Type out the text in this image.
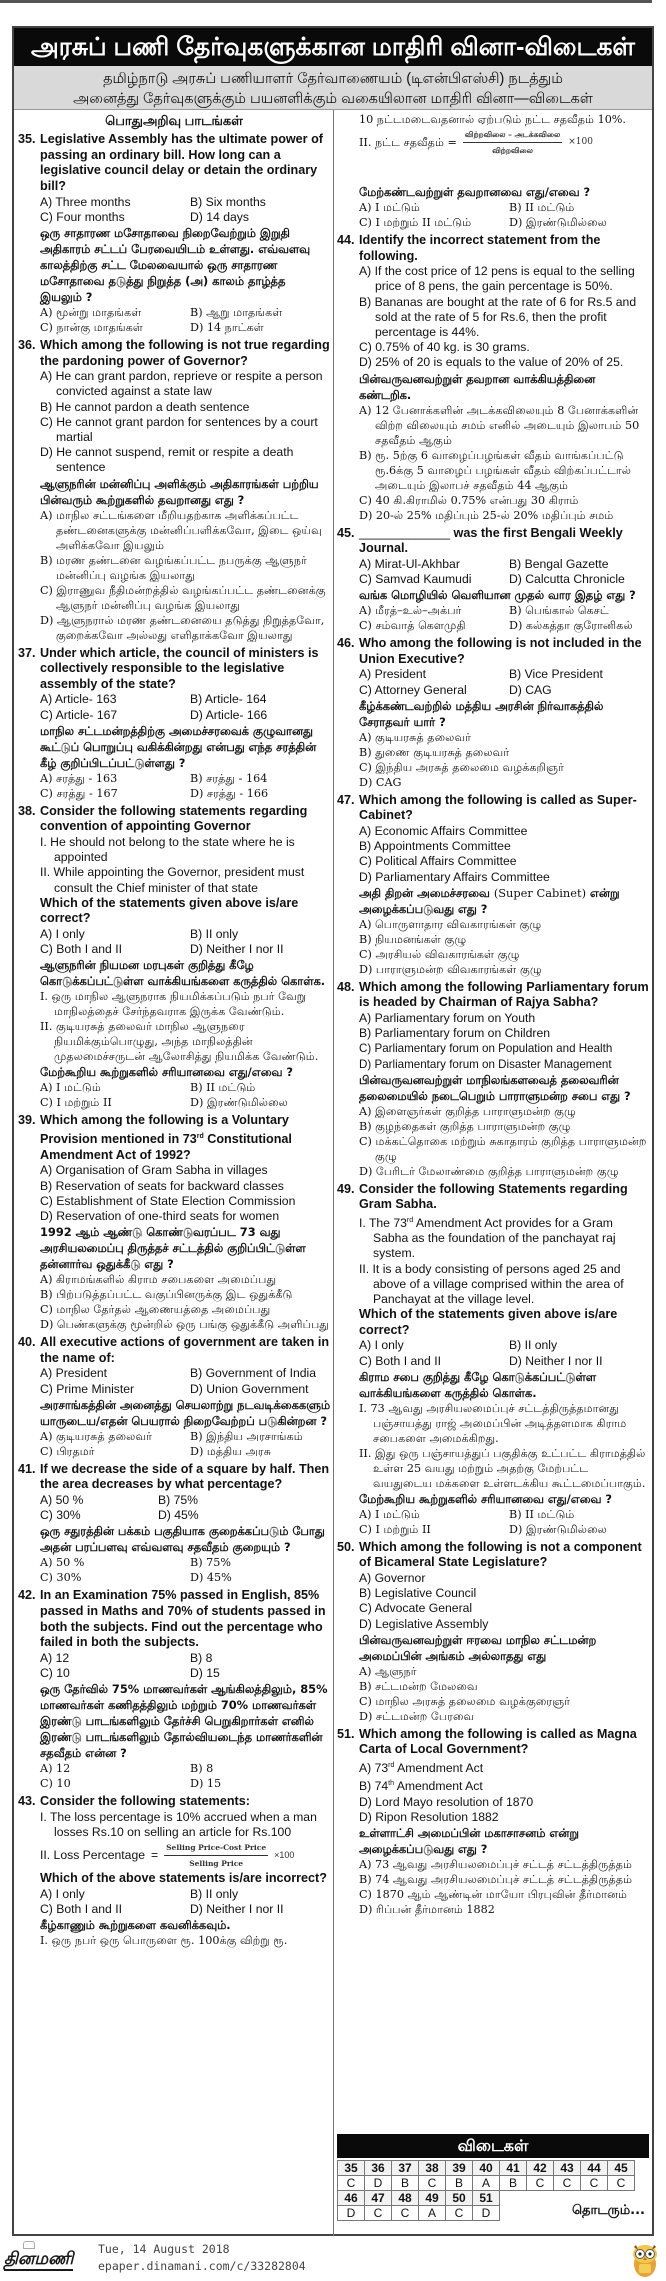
அரசுப் பணி தேர்வுகளுக்கான மாதிரி வினா-விடைகள்
தமிழ்நாடு அரசுப் பணியாளர் தேர்வாணையம் (டிஎன்பிஎஸ்சி) நடத்தும்
அனைத்து தேர்வுகளுக்கும் பயனளிக்கும் வகையிலான மாதிரி வினா—விடைகள்
பொதுஅறிவு பாடங்கள்
35. Legislative Assembly has the ultimate power of passing an ordinary bill. How long can a legislative council delay or detain the ordinary bill?
A) Three months	B) Six months
C) Four months	D) 14 days
ஒரு சாதாரண மசோதாவை நிறைவேற்றும் இறுதி அதிகாரம் சட்டப் பேரவையிடம் உள்ளது. எவ்வளவு காலத்திற்கு சட்ட மேலவையால் ஒரு சாதாரண மசோதாவை தடுத்து நிறுத்த (அ) காலம் தாழ்த்த இயலும் ?
A) மூன்று மாதங்கள்	B) ஆறு மாதங்கள்
C) நான்கு மாதங்கள்	D) 14 நாட்கள்
36. Which among the following is not true regarding the pardoning power of Governor?
A) He can grant pardon, reprieve or respite a person convicted against a state law
B) He cannot pardon a death sentence
C) He cannot grant pardon for sentences by a court martial
D) He cannot suspend, remit or respite a death sentence
ஆளுநரின் மன்னிப்பு அளிக்கும் அதிகாரங்கள் பற்றிய பின்வரும் கூற்றுகளில் தவறானது எது ?
A) மாநில சட்டங்களை மீறியதற்காக அளிக்கப்பட்ட தண்டனைகளுக்கு மன்னிப்பளிக்கவோ, இடை ஒய்வு அளிக்கவோ இயலும்
B) மரண தண்டனை வழங்கப்பட்ட நபருக்கு ஆளுநர் மன்னிப்பு வழங்க இயலாது
C) இராணுவ நீதிமன்றத்தில் வழங்கப்பட்ட தண்டனைக்கு ஆளுநர் மன்னிப்பு வழங்க இயலாது
D) ஆளுநரால் மரண தண்டனையை தடுத்து நிறுத்தவோ, குறைக்கவோ அல்லது எளிதாக்கவோ இயலாது
37. Under which article, the council of ministers is collectively responsible to the legislative assembly of the state?
A) Article- 163	B) Article- 164
C) Article- 167	D) Article- 166
மாநில சட்டமன்றத்திற்கு அமைச்சரவைக் குழுவானது கூட்டுப் பொறுப்பு வகிக்கின்றது என்பது எந்த சரத்தின் கீழ் குறிப்பிடப்பட்டுள்ளது ?
A) சரத்து - 163	B) சரத்து - 164
C) சரத்து - 167	D) சரத்து - 166
38. Consider the following statements regarding convention of appointing Governor
I. He should not belong to the state where he is appointed
II. While appointing the Governor, president must consult the Chief minister of that state
Which of the statements given above is/are correct?
A) I only	B) II only
C) Both I and II	D) Neither I nor II
ஆளுநரின் நியமன மரபுகள் குறித்து கீழே கொடுக்கப்பட்டுள்ள வாக்கியங்களை கருத்தில் கொள்க.
I. ஒரு மாநில ஆளுநராக நியமிக்கப்படும் நபர் வேறு மாநிலத்தைச் சேர்ந்தவராக இருக்க வேண்டும்.
II. குடியரசுத் தலைவர் மாநில ஆளுநரை நியமிக்கும்பொழுது, அந்த மாநிலத்தின் முதலமைச்சருடன் ஆலோசித்து நியமிக்க வேண்டும்.
மேற்கூறிய கூற்றுகளில் சரியானவை எது/எவை ?
A) I மட்டும்	B) II மட்டும்
C) I மற்றும் II	D) இரண்டுமில்லை
39. Which among the following is a Voluntary Provision mentioned in 73rd Constitutional Amendment Act of 1992?
A) Organisation of Gram Sabha in villages
B) Reservation of seats for backward classes
C) Establishment of State Election Commission
D) Reservation of one-third seats for women
1992 ஆம் ஆண்டு கொண்டுவரப்பட 73 வது அரசியலமைப்பு திருத்தச் சட்டத்தில் குறிப்பிட்டுள்ள தன்னார்வ ஒதுக்கீடு எது ?
A) கிராமங்களில் கிராம சபைகளை அமைப்பது
B) பிற்படுத்தப்பட்ட வகுப்பினருக்கு இட ஒதுக்கீடு
C) மாநில தேர்தல் ஆணையத்தை அமைப்பது
D) பெண்களுக்கு மூன்றில் ஒரு பங்கு ஒதுக்கீடு அளிப்பது
40. All executive actions of government are taken in the name of:
A) President	B) Government of India
C) Prime Minister	D) Union Government
அரசாங்கத்தின் அனைத்து செயலாற்று நடவடிக்கைகளும் யாருடைய/எதன் பெயரால் நிறைவேற்றப் படுகின்றன ?
A) குடியரசுத் தலைவர்	B) இந்திய அரசாங்கம்
C) பிரதமர்	D) மத்திய அரசு
41. If we decrease the side of a square by half. Then the area decreases by what percentage?
A) 50 %	B) 75%
C) 30%	D) 45%
ஒரு சதுரத்தின் பக்கம் பகுதியாக குறைக்கப்படும் போது அதன் பரப்பளவு எவ்வளவு சதவீதம் குறையும் ?
A) 50 %	B) 75%
C) 30%	D) 45%
42. In an Examination 75% passed in English, 85% passed in Maths and 70% of students passed in both the subjects. Find out the percentage who failed in both the subjects.
A) 12	B) 8
C) 10	D) 15
ஒரு தேர்வில் 75% மாணவர்கள் ஆங்கிலத்திலும், 85% மாணவர்கள் கணிதத்திலும் மற்றும் 70% மாணவர்கள் இரண்டு பாடங்களிலும் தேர்ச்சி பெறுகிறார்கள் எனில் இரண்டு பாடங்களிலும் தோல்வியடைந்த மாணர்களின் சதவீதம் என்ன ?
A) 12	B) 8
C) 10	D) 15
43. Consider the following statements:
I. The loss percentage is 10% accrued when a man losses Rs.10 on selling an article for Rs.100
II. Loss Percentage = $\frac{\text{Selling Price-Cost Price}}{\text{Selling Price}} \times 100$
Which of the above statements is/are incorrect?
A) I only	B) II only
C) Both I and II	D) Neither I nor II
கீழ்காணும் கூற்றுகளை கவனிக்கவும்.
I. ஒரு நபர் ஒரு பொருளை ரூ. 100க்கு விற்று ரூ.
10 நட்டமடைவதனால் ஏற்படும் நட்ட சதவீதம் 10%.
II. நட்ட சதவீதம் = $\frac{\text{விற்றவிலை – அடக்கவிலை}}{\text{விற்றவிலை}} \times 100$
மேற்கண்டவற்றுள் தவறானவை எது/எவை ?
A) I மட்டும்	B) II மட்டும்
C) I மற்றும் II மட்டும்	D) இரண்டுமில்லை
44. Identify the incorrect statement from the following.
A) If the cost price of 12 pens is equal to the selling price of 8 pens, the gain percentage is 50%.
B) Bananas are bought at the rate of 6 for Rs.5 and sold at the rate of 5 for Rs.6, then the profit percentage is 44%.
C) 0.75% of 40 kg. is 30 grams.
D) 25% of 20 is equals to the value of 20% of 25.
பின்வருவனவற்றுள் தவறான வாக்கியத்தினை கண்டறிக.
A) 12 பேனாக்களின் அடக்கவிலையும் 8 பேனாக்களின் விற்ற விலையும் சமம் எனில் அடையும் இலாபம் 50 சதவீதம் ஆகும்
B) ரூ. 5ற்கு 6 வாழைப்பழங்கள் வீதம் வாங்கப்பட்டு ரூ.6க்கு 5 வாழைப் பழங்கள் வீதம் விற்கப்பட்டால் அடையும் இலாபச் சதவீதம் 44 ஆகும்
C) 40 கி.கிராமில் 0.75% என்பது 30 கிராம்
D) 20-ல் 25% மதிப்பும் 25-ல் 20% மதிப்பும் சமம்
45. _____________ was the first Bengali Weekly Journal.
A) Mirat-Ul-Akhbar	B) Bengal Gazette
C) Samvad Kaumudi	D) Calcutta Chronicle
வங்க மொழியில் வெளியான முதல் வார இதழ் எது ?
A) மீரத்–உல்–அக்பர்	B) பெங்கால் கெசட்
C) சம்வாத் கௌமுதி	D) கல்கத்தா குரோனிகல்
46. Who among the following is not included in the Union Executive?
A) President	B) Vice President
C) Attorney General	D) CAG
கீழ்க்கண்டவற்றில் மத்திய அரசின் நிர்வாகத்தில் சேராதவர் யார் ?
A) குடியரசுத் தலைவர்
B) துணை குடியரசுத் தலைவர்
C) இந்திய அரசுத் தலைமை வழக்கறிஞர்
D) CAG
47. Which among the following is called as Super-Cabinet?
A) Economic Affairs Committee
B) Appointments Committee
C) Political Affairs Committee
D) Parliamentary Affairs Committee
அதி திறன் அமைச்சரவை (Super Cabinet) என்று அழைக்கப்படுவது எது ?
A) பொருளாதார விவகாரங்கள் குழு
B) நியமனங்கள் குழு
C) அரசியல் விவகாரங்கள் குழு
D) பாராளுமன்ற விவகாரங்கள் குழு
48. Which among the following Parliamentary forum is headed by Chairman of Rajya Sabha?
A) Parliamentary forum on Youth
B) Parliamentary forum on Children
C) Parliamentary forum on Population and Health
D) Parliamentary forum on Disaster Management
பின்வருவனவற்றுள் மாநிலங்களவைத் தலைவரின் தலைமையில் நடைபெறும் பாராளுமன்ற சபை எது ?
A) இளைஞர்கள் குறித்த பாராளுமன்ற குழு
B) குழந்தைகள் குறித்த பாராளுமன்ற குழு
C) மக்கட்தொகை மற்றும் சுகாதாரம் குறித்த பாராளுமன்ற குழு
D) பேரிடர் மேலாண்மை குறித்த பாராளுமன்ற குழு
49. Consider the following Statements regarding Gram Sabha.
I. The 73rd Amendment Act provides for a Gram Sabha as the foundation of the panchayat raj system.
II. It is a body consisting of persons aged 25 and above of a village comprised within the area of Panchayat at the village level.
Which of the statements given above is/are correct?
A) I only	B) II only
C) Both I and II	D) Neither I nor II
கிராம சபை குறித்து கீழே கொடுக்கப்பட்டுள்ள வாக்கியங்களை கருத்தில் கொள்க.
I. 73 ஆவது அரசியலமைப்புச் சட்டத்திருத்தமானது பஞ்சாயத்து ராஜ் அமைப்பின் அடித்தளமாக கிராம சபைகளை அமைக்கிறது.
II. இது ஒரு பஞ்சாயத்துப் பகுதிக்கு உட்பட்ட கிராமத்தில் உள்ள 25 வயது மற்றும் அதற்கு மேற்பட்ட வயதுடைய மக்களை உள்ளடக்கிய கூட்டமைப்பாகும்.
மேற்கூறிய கூற்றுகளில் சரியானவை எது/எவை ?
A) I மட்டும்	B) II மட்டும்
C) I மற்றும் II	D) இரண்டுமில்லை
50. Which among the following is not a component of Bicameral State Legislature?
A) Governor
B) Legislative Council
C) Advocate General
D) Legislative Assembly
பின்வருவனவற்றுள் ஈரவை மாநில சட்டமன்ற அமைப்பின் அங்கம் அல்லாதது எது
A) ஆளுநர்
B) சட்டமன்ற மேலவை
C) மாநில அரசுத் தலைமை வழக்குரைஞர்
D) சட்டமன்ற பேரவை
51. Which among the following is called as Magna Carta of Local Government?
A) 73rd Amendment Act
B) 74th Amendment Act
D) Lord Mayo resolution of 1870
D) Ripon Resolution 1882
உள்ளாட்சி அமைப்பின் மகாசாசனம் என்று அழைக்கப்படுவது எது ?
A) 73 ஆவது அரசியலமைப்புச் சட்டத் சட்டத்திருத்தம்
B) 74 ஆவது அரசியலமைப்புச் சட்டத் சட்டத்திருத்தம்
C) 1870 ஆம் ஆண்டின் மாயோ பிரபுவின் தீர்மானம்
D) ரிப்பன் தீர்மானம் 1882
விடைகள்
35	36	37	38	39	40	41	42	43	44	45
C	D	B	C	B	A	B	C	C	C	C
46	47	48	49	50	51					
D	C	C	A	C	D						தொடரும்...
தினமணி Tue, 14 August 2018
epaper.dinamani.com/c/33282804
